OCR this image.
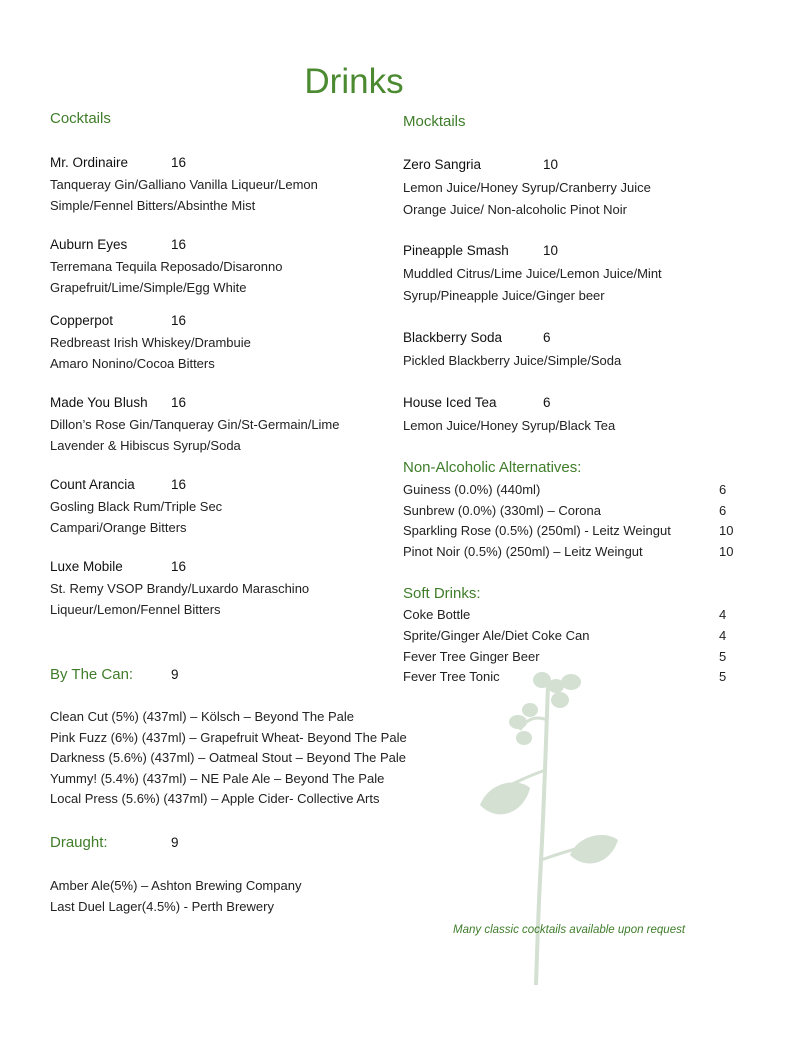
Drinks
Cocktails
Mr. Ordinaire	16
Tanqueray Gin/Galliano Vanilla Liqueur/Lemon
Simple/Fennel Bitters/Absinthe Mist
Auburn Eyes	16
Terremana Tequila Reposado/Disaronno
Grapefruit/Lime/Simple/Egg White
Copperpot	16
Redbreast Irish Whiskey/Drambuie
Amaro Nonino/Cocoa Bitters
Made You Blush 16
Dillon’s Rose Gin/Tanqueray Gin/St-Germain/Lime
Lavender & Hibiscus Syrup/Soda
Count Arancia	16
Gosling Black Rum/Triple Sec
Campari/Orange Bitters
Luxe Mobile	16
St. Remy VSOP Brandy/Luxardo Maraschino
Liqueur/Lemon/Fennel Bitters
By The Can:	9
Clean Cut (5%) (437ml) – Kölsch – Beyond The Pale
Pink Fuzz (6%) (437ml) – Grapefruit Wheat- Beyond The Pale
Darkness (5.6%) (437ml) – Oatmeal Stout – Beyond The Pale
Yummy! (5.4%) (437ml) – NE Pale Ale – Beyond The Pale
Local Press (5.6%) (437ml) – Apple Cider- Collective Arts
Draught:	9
Amber Ale(5%) – Ashton Brewing Company
Last Duel Lager(4.5%) - Perth Brewery
Mocktails
Zero Sangria	10
Lemon Juice/Honey Syrup/Cranberry Juice
Orange Juice/ Non-alcoholic Pinot Noir
Pineapple Smash	10
Muddled Citrus/Lime Juice/Lemon Juice/Mint
Syrup/Pineapple Juice/Ginger beer
Blackberry Soda	6
Pickled Blackberry Juice/Simple/Soda
House Iced Tea	6
Lemon Juice/Honey Syrup/Black Tea
Non-Alcoholic Alternatives:
Guiness (0.0%) (440ml)	6
Sunbrew (0.0%) (330ml) – Corona	6
Sparkling Rose (0.5%) (250ml) - Leitz Weingut	10
Pinot Noir (0.5%) (250ml) – Leitz Weingut	10
Soft Drinks:
Coke Bottle	4
Sprite/Ginger Ale/Diet Coke Can	4
Fever Tree Ginger Beer	5
Fever Tree Tonic	5
Many classic cocktails available upon request
